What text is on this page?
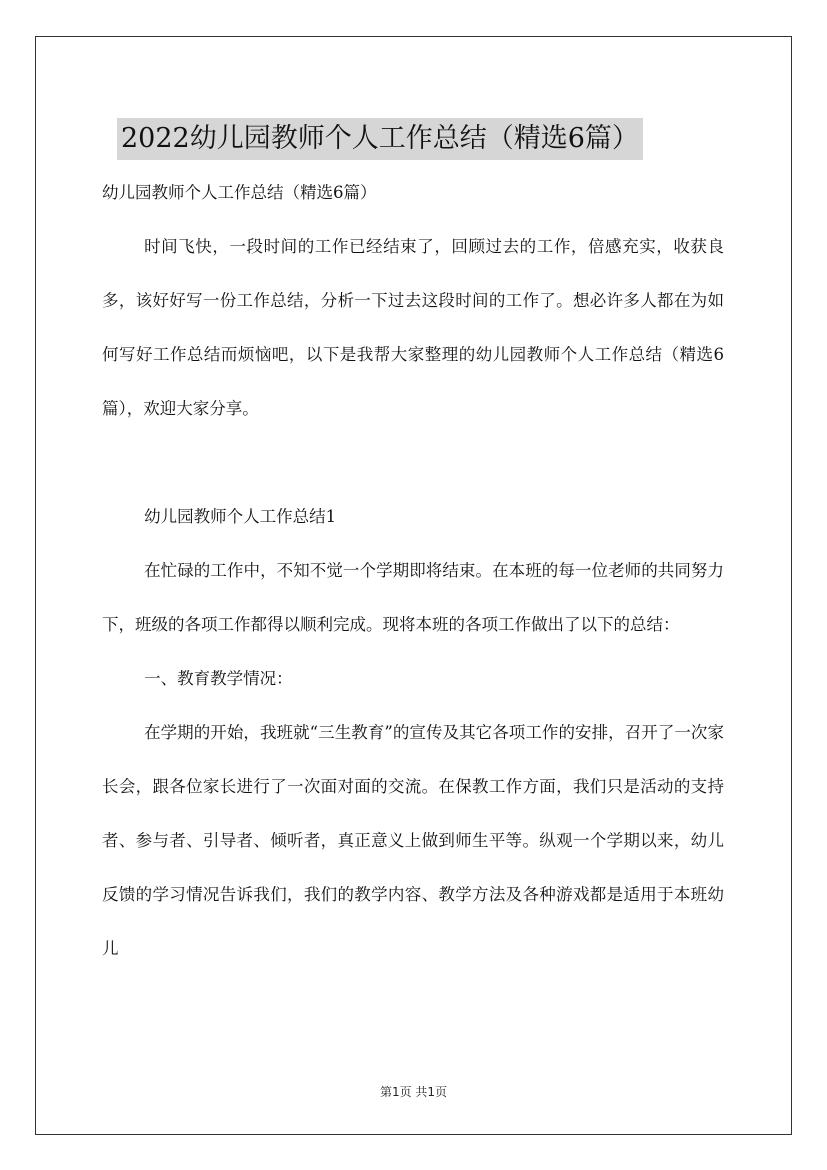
2022幼儿园教师个人工作总结（精选6篇）

幼儿园教师个人工作总结（精选6篇）

时间飞快，一段时间的工作已经结束了，回顾过去的工作，倍感充实，收获良多，该好好写一份工作总结，分析一下过去这段时间的工作了。想必许多人都在为如何写好工作总结而烦恼吧，以下是我帮大家整理的幼儿园教师个人工作总结（精选6篇），欢迎大家分享。

幼儿园教师个人工作总结1

在忙碌的工作中，不知不觉一个学期即将结束。在本班的每一位老师的共同努力下，班级的各项工作都得以顺利完成。现将本班的各项工作做出了以下的总结：

一、教育教学情况：

在学期的开始，我班就“三生教育”的宣传及其它各项工作的安排，召开了一次家长会，跟各位家长进行了一次面对面的交流。在保教工作方面，我们只是活动的支持者、参与者、引导者、倾听者，真正意义上做到师生平等。纵观一个学期以来，幼儿反馈的学习情况告诉我们，我们的教学内容、教学方法及各种游戏都是适用于本班幼儿

第1页 共1页
